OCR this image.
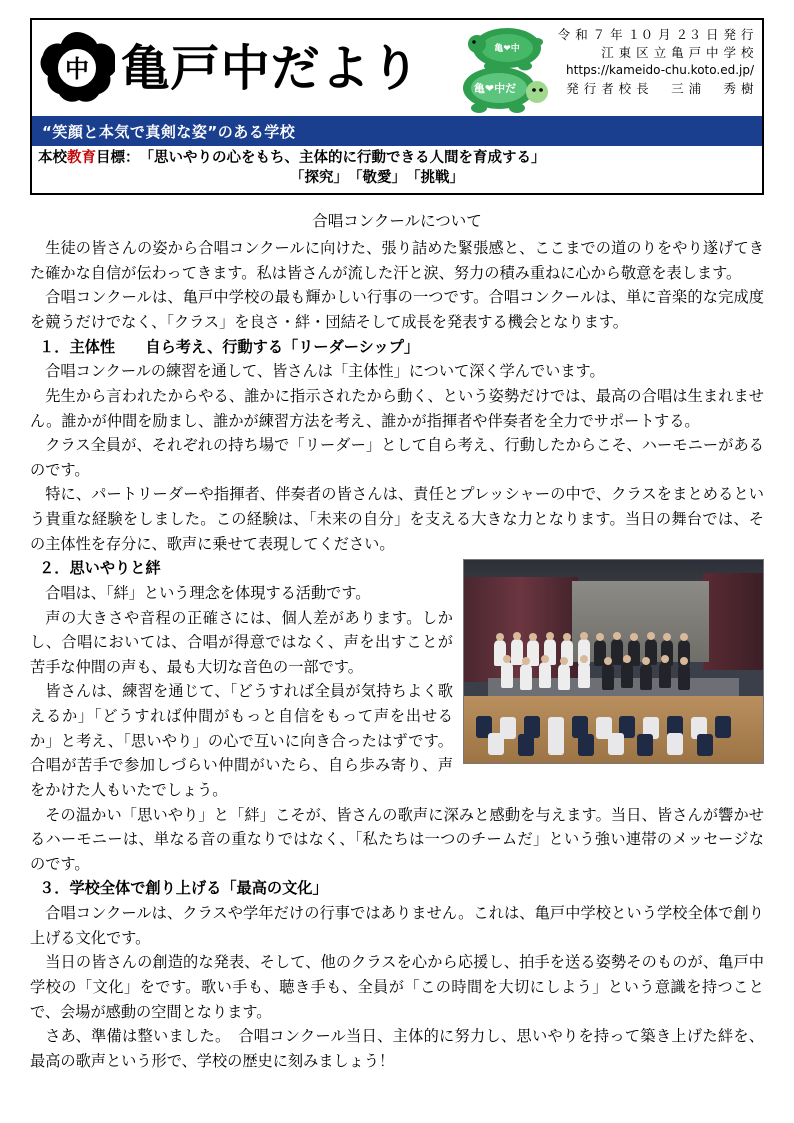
中 亀戸中だより	亀❤中
亀❤中だ
令 和 ７ 年 １０ 月 ２３ 日 発 行
江 東 区 立 亀 戸 中 学 校
https://kameido-chu.koto.ed.jp/
発 行 者 校 長 　 三 浦 　 秀 樹
“笑顔と本気で真剣な姿”のある学校
本校教育目標： 「思いやりの心をもち、主体的に行動できる人間を育成する」
「探究」　「敬愛」　「挑戦」
合唱コンクールについて

生徒の皆さんの姿から合唱コンクールに向けた、張り詰めた緊張感と、ここまでの道のりをやり遂げてきた確かな自信が伝わってきます。私は皆さんが流した汗と涙、努力の積み重ねに心から敬意を表します。

合唱コンクールは、亀戸中学校の最も輝かしい行事の一つです。合唱コンクールは、単に音楽的な完成度を競うだけでなく、「クラス」を良さ・絆・団結そして成長を発表する機会となります。

１．主体性　　自ら考え、行動する「リーダーシップ」

合唱コンクールの練習を通して、皆さんは「主体性」について深く学んでいます。

先生から言われたからやる、誰かに指示されたから動く、という姿勢だけでは、最高の合唱は生まれません。誰かが仲間を励まし、誰かが練習方法を考え、誰かが指揮者や伴奏者を全力でサポートする。

クラス全員が、それぞれの持ち場で「リーダー」として自ら考え、行動したからこそ、ハーモニーがあるのです。

特に、パートリーダーや指揮者、伴奏者の皆さんは、責任とプレッシャーの中で、クラスをまとめるという貴重な経験をしました。この経験は、「未来の自分」を支える大きな力となります。当日の舞台では、その主体性を存分に、歌声に乗せて表現してください。

２．思いやりと絆

合唱は、「絆」という理念を体現する活動です。

声の大きさや音程の正確さには、個人差があります。しかし、合唱においては、合唱が得意ではなく、声を出すことが苦手な仲間の声も、最も大切な音色の一部です。

皆さんは、練習を通じて、「どうすれば全員が気持ちよく歌えるか」「どうすれば仲間がもっと自信をもって声を出せるか」と考え、「思いやり」の心で互いに向き合ったはずです。合唱が苦手で参加しづらい仲間がいたら、自ら歩み寄り、声をかけた人もいたでしょう。

その温かい「思いやり」と「絆」こそが、皆さんの歌声に深みと感動を与えます。当日、皆さんが響かせるハーモニーは、単なる音の重なりではなく、「私たちは一つのチームだ」という強い連帯のメッセージなのです。

３．学校全体で創り上げる「最高の文化」

合唱コンクールは、クラスや学年だけの行事ではありません。これは、亀戸中学校という学校全体で創り上げる文化です。

当日の皆さんの創造的な発表、そして、他のクラスを心から応援し、拍手を送る姿勢そのものが、亀戸中学校の「文化」をです。歌い手も、聴き手も、全員が「この時間を大切にしよう」という意識を持つことで、会場が感動の空間となります。

さあ、準備は整いました。　合唱コンクール当日、主体的に努力し、思いやりを持って築き上げた絆を、最高の歌声という形で、学校の歴史に刻みましょう！
